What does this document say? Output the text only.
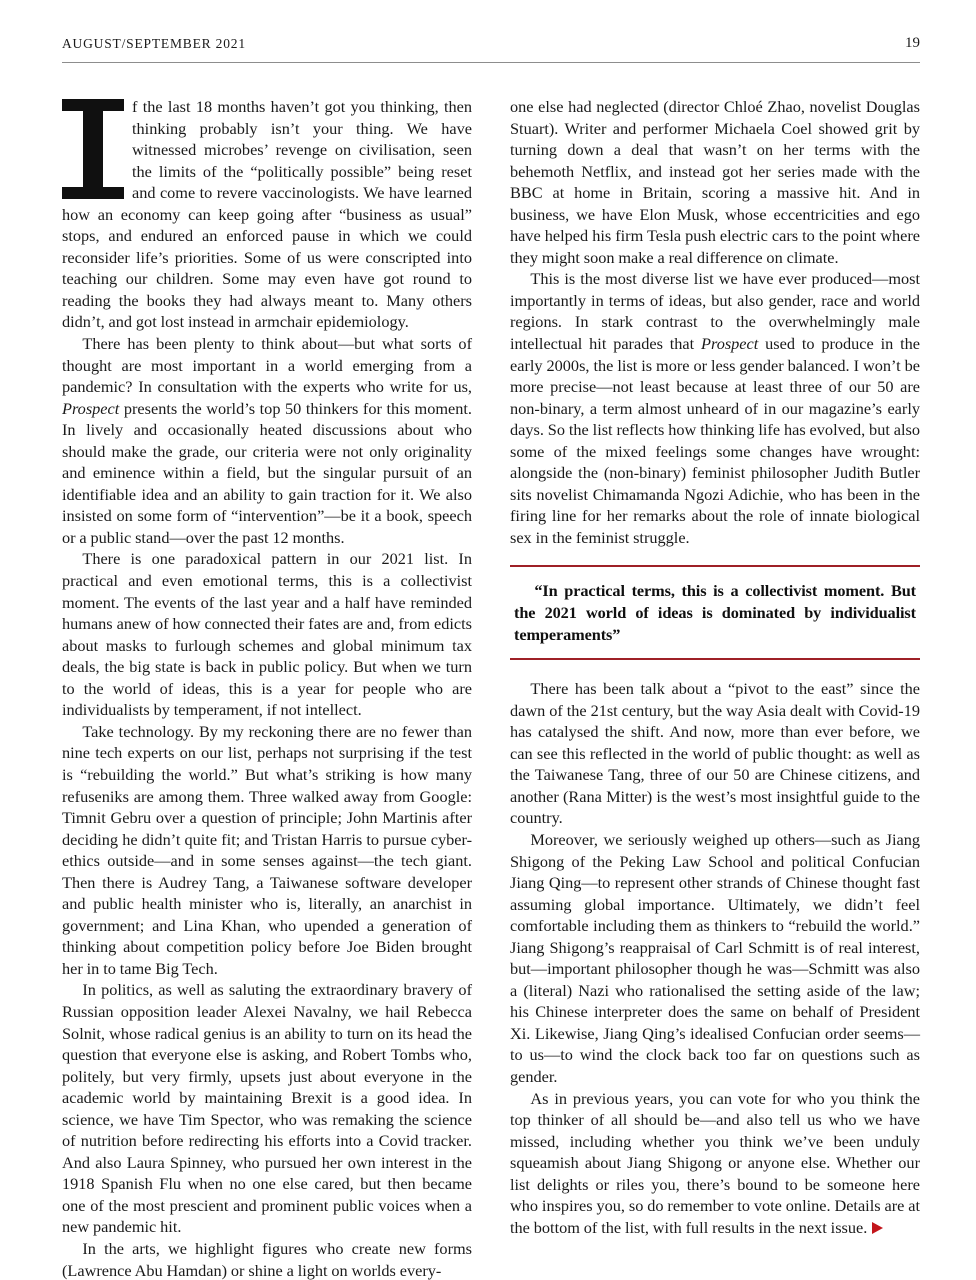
AUGUST/SEPTEMBER 2021	19

f the last 18 months haven’t got you thinking, then thinking probably isn’t your thing. We have witnessed microbes’ revenge on civilisation, seen the limits of the “politically possible” being reset and come to revere vaccinologists. We have learned how an economy can keep going after “business as usual” stops, and endured an enforced pause in which we could reconsider life’s priorities. Some of us were conscripted into teaching our children. Some may even have got round to reading the books they had always meant to. Many others didn’t, and got lost instead in armchair epidemiology.

There has been plenty to think about—but what sorts of thought are most important in a world emerging from a pandemic? In consultation with the experts who write for us, Prospect presents the world’s top 50 thinkers for this moment. In lively and occasionally heated discussions about who should make the grade, our criteria were not only originality and eminence within a field, but the singular pursuit of an identifiable idea and an ability to gain traction for it. We also insisted on some form of “intervention”—be it a book, speech or a public stand—over the past 12 months.

There is one paradoxical pattern in our 2021 list. In practical and even emotional terms, this is a collectivist moment. The events of the last year and a half have reminded humans anew of how connected their fates are and, from edicts about masks to furlough schemes and global minimum tax deals, the big state is back in public policy. But when we turn to the world of ideas, this is a year for people who are individualists by temperament, if not intellect.

Take technology. By my reckoning there are no fewer than nine tech experts on our list, perhaps not surprising if the test is “rebuilding the world.” But what’s striking is how many refuseniks are among them. Three walked away from Google: Timnit Gebru over a question of principle; John Martinis after deciding he didn’t quite fit; and Tristan Harris to pursue cyber-ethics outside—and in some senses against—the tech giant. Then there is Audrey Tang, a Taiwanese software developer and public health minister who is, literally, an anarchist in government; and Lina Khan, who upended a generation of thinking about competition policy before Joe Biden brought her in to tame Big Tech.

In politics, as well as saluting the extraordinary bravery of Russian opposition leader Alexei Navalny, we hail Rebecca Solnit, whose radical genius is an ability to turn on its head the question that everyone else is asking, and Robert Tombs who, politely, but very firmly, upsets just about everyone in the academic world by maintaining Brexit is a good idea. In science, we have Tim Spector, who was remaking the science of nutrition before redirecting his efforts into a Covid tracker. And also Laura Spinney, who pursued her own interest in the 1918 Spanish Flu when no one else cared, but then became one of the most prescient and prominent public voices when a new pandemic hit.

In the arts, we highlight figures who create new forms (Lawrence Abu Hamdan) or shine a light on worlds every-

one else had neglected (director Chloé Zhao, novelist Douglas Stuart). Writer and performer Michaela Coel showed grit by turning down a deal that wasn’t on her terms with the behemoth Netflix, and instead got her series made with the BBC at home in Britain, scoring a massive hit. And in business, we have Elon Musk, whose eccentricities and ego have helped his firm Tesla push electric cars to the point where they might soon make a real difference on climate.

This is the most diverse list we have ever produced—most importantly in terms of ideas, but also gender, race and world regions. In stark contrast to the overwhelmingly male intellectual hit parades that Prospect used to produce in the early 2000s, the list is more or less gender balanced. I won’t be more precise—not least because at least three of our 50 are non-binary, a term almost unheard of in our magazine’s early days. So the list reflects how thinking life has evolved, but also some of the mixed feelings some changes have wrought: alongside the (non-binary) feminist philosopher Judith Butler sits novelist Chimamanda Ngozi Adichie, who has been in the firing line for her remarks about the role of innate biological sex in the feminist struggle.

“In practical terms, this is a collectivist moment. But the 2021 world of ideas is dominated by individualist temperaments”

There has been talk about a “pivot to the east” since the dawn of the 21st century, but the way Asia dealt with Covid-19 has catalysed the shift. And now, more than ever before, we can see this reflected in the world of public thought: as well as the Taiwanese Tang, three of our 50 are Chinese citizens, and another (Rana Mitter) is the west’s most insightful guide to the country.

Moreover, we seriously weighed up others—such as Jiang Shigong of the Peking Law School and political Confucian Jiang Qing—to represent other strands of Chinese thought fast assuming global importance. Ultimately, we didn’t feel comfortable including them as thinkers to “rebuild the world.” Jiang Shigong’s reappraisal of Carl Schmitt is of real interest, but—important philosopher though he was—Schmitt was also a (literal) Nazi who rationalised the setting aside of the law; his Chinese interpreter does the same on behalf of President Xi. Likewise, Jiang Qing’s idealised Confucian order seems—to us—to wind the clock back too far on questions such as gender.

As in previous years, you can vote for who you think the top thinker of all should be—and also tell us who we have missed, including whether you think we’ve been unduly squeamish about Jiang Shigong or anyone else. Whether our list delights or riles you, there’s bound to be someone here who inspires you, so do remember to vote online. Details are at the bottom of the list, with full results in the next issue.
